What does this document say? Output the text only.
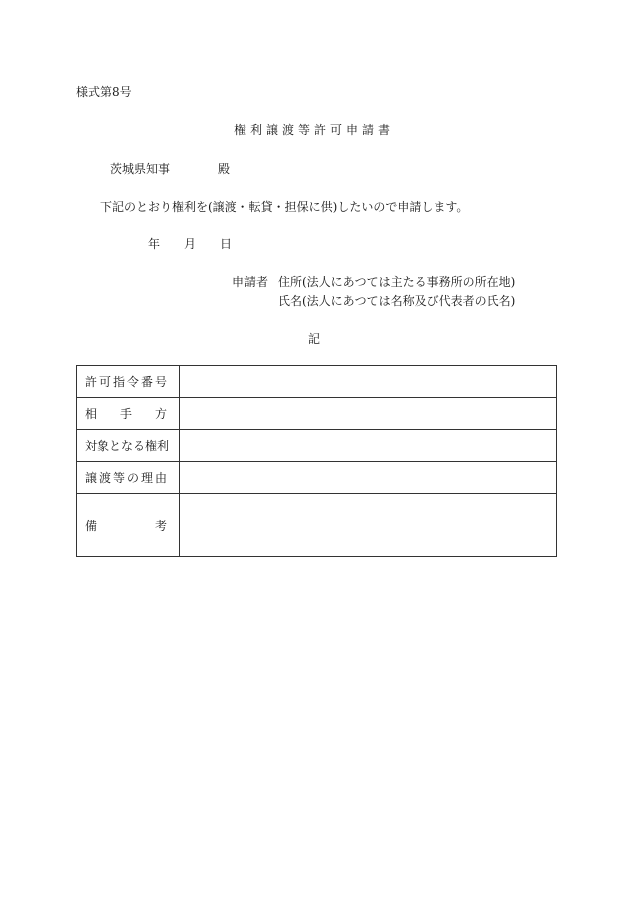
様式第8号
権利譲渡等許可申請書
茨城県知事	殿
下記のとおり権利を(譲渡・転貸・担保に供)したいので申請します。
年 月 日
申請者 住所(法人にあつては主たる事務所の所在地)
氏名(法人にあつては名称及び代表者の氏名)
記
許可指令番号	

相 手 方	

対象となる権利	
譲渡等の理由	

備 考	
